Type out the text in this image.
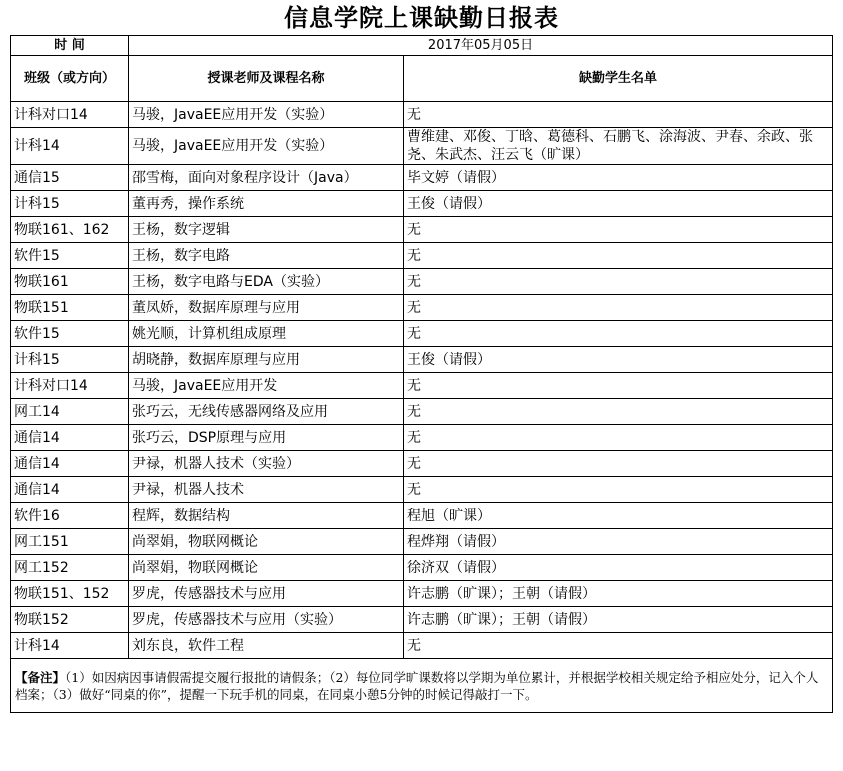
信息学院上课缺勤日报表
时 间	2017年05月05日	
班级（或方向）	授课老师及课程名称	缺勤学生名单
计科对口14	马骏，JavaEE应用开发（实验）	无
计科14	马骏，JavaEE应用开发（实验）	曹维建、邓俊、丁晗、葛德科、石鹏飞、涂海波、尹春、余政、张尧、朱武杰、汪云飞（旷课）
通信15	邵雪梅，面向对象程序设计（Java）	毕文婷（请假）
计科15	董再秀，操作系统	王俊（请假）
物联161、162	王杨，数字逻辑	无
软件15	王杨，数字电路	无
物联161	王杨，数字电路与EDA（实验）	无
物联151	董凤娇，数据库原理与应用	无
软件15	姚光顺，计算机组成原理	无
计科15	胡晓静，数据库原理与应用	王俊（请假）
计科对口14	马骏，JavaEE应用开发	无
网工14	张巧云，无线传感器网络及应用	无
通信14	张巧云，DSP原理与应用	无
通信14	尹禄，机器人技术（实验）	无
通信14	尹禄，机器人技术	无
软件16	程辉，数据结构	程旭（旷课）
网工151	尚翠娟，物联网概论	程烨翔（请假）
网工152	尚翠娟，物联网概论	徐济双（请假）
物联151、152	罗虎，传感器技术与应用	许志鹏（旷课）；王朝（请假）
物联152	罗虎，传感器技术与应用（实验）	许志鹏（旷课）；王朝（请假）
计科14	刘东良，软件工程	无
【备注】（1）如因病因事请假需提交履行报批的请假条；（2）每位同学旷课数将以学期为单位累计，并根据学校相关规定给予相应处分，记入个人档案；（3）做好“同桌的你”，提醒一下玩手机的同桌，在同桌小憩5分钟的时候记得敲打一下。		
